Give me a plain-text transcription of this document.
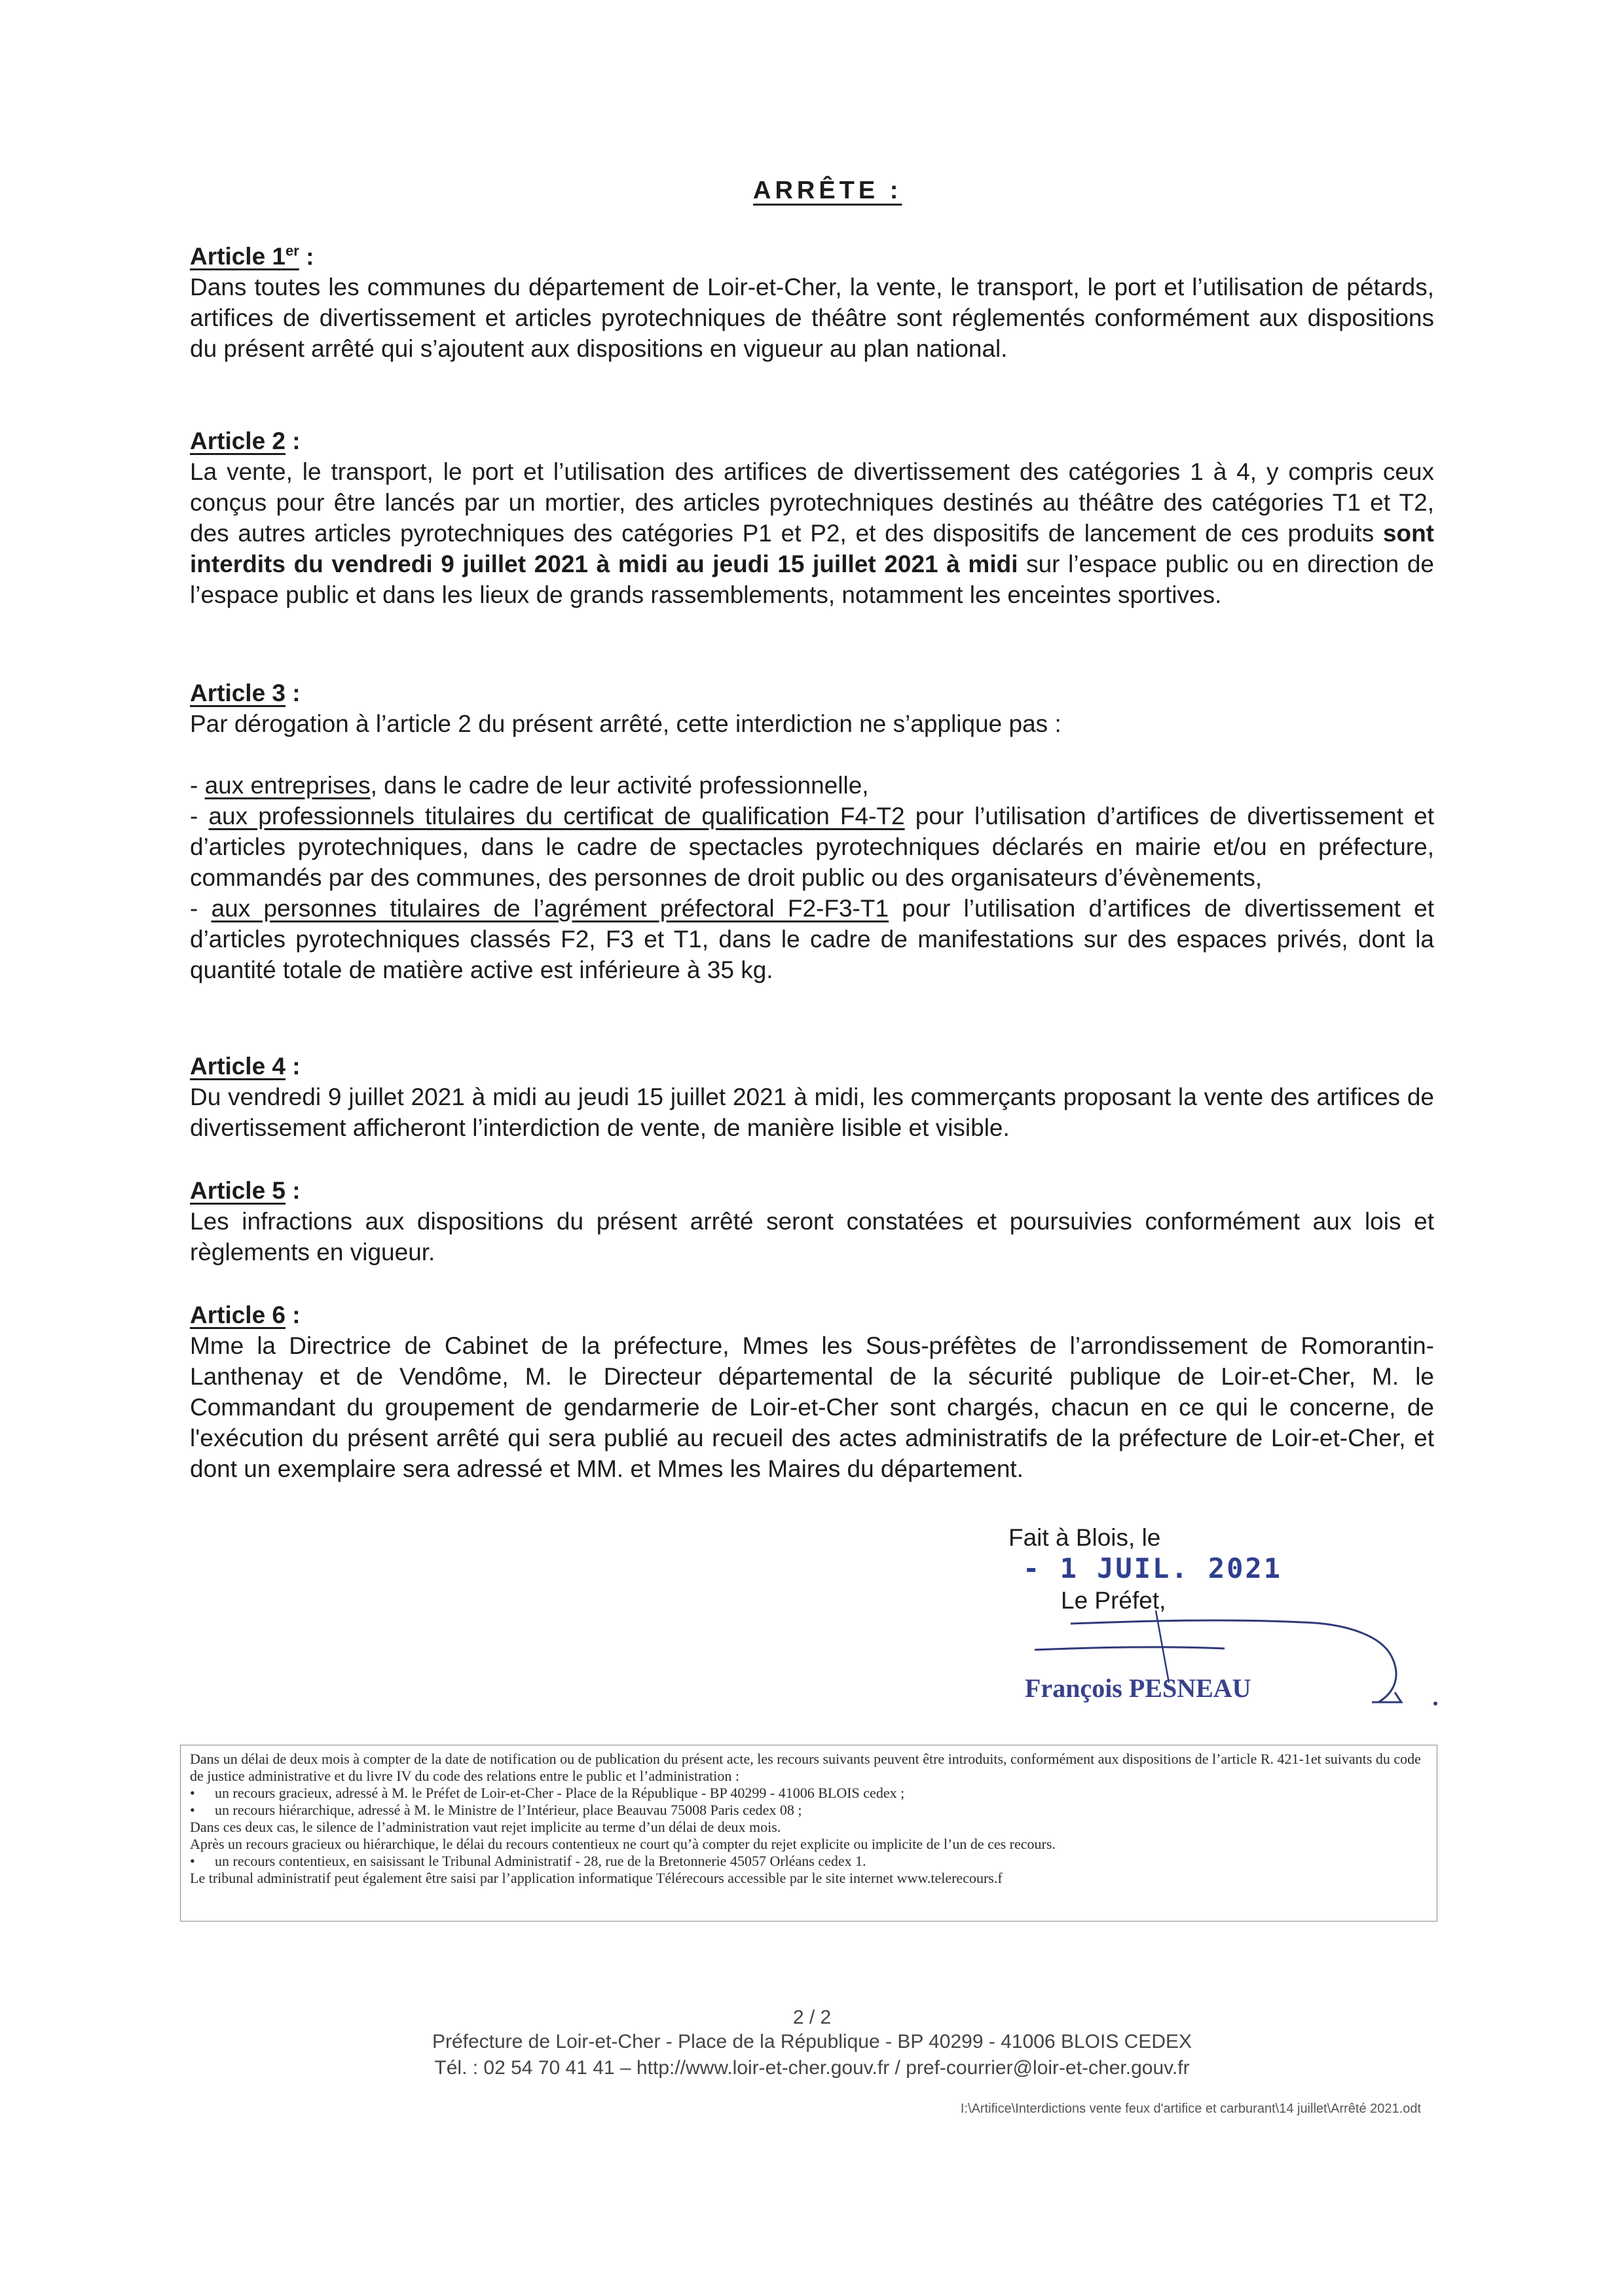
ARRÊTE :

Article 1er :

Dans toutes les communes du département de Loir-et-Cher, la vente, le transport, le port et l’utilisation de pétards, artifices de divertissement et articles pyrotechniques de théâtre sont réglementés conformément aux dispositions du présent arrêté qui s’ajoutent aux dispositions en vigueur au plan national.

Article 2 :

La vente, le transport, le port et l’utilisation des artifices de divertissement des catégories 1 à 4, y compris ceux conçus pour être lancés par un mortier, des articles pyrotechniques destinés au théâtre des catégories T1 et T2, des autres articles pyrotechniques des catégories P1 et P2, et des dispositifs de lancement de ces produits sont interdits du vendredi 9 juillet 2021 à midi au jeudi 15 juillet 2021 à midi sur l’espace public ou en direction de l’espace public et dans les lieux de grands rassemblements, notamment les enceintes sportives.

Article 3 :

Par dérogation à l’article 2 du présent arrêté, cette interdiction ne s’applique pas :

- aux entreprises, dans le cadre de leur activité professionnelle,

- aux professionnels titulaires du certificat de qualification F4-T2 pour l’utilisation d’artifices de divertissement et d’articles pyrotechniques, dans le cadre de spectacles pyrotechniques déclarés en mairie et/ou en préfecture, commandés par des communes, des personnes de droit public ou des organisateurs d’évènements,

- aux personnes titulaires de l’agrément préfectoral F2-F3-T1 pour l’utilisation d’artifices de divertissement et d’articles pyrotechniques classés F2, F3 et T1, dans le cadre de manifestations sur des espaces privés, dont la quantité totale de matière active est inférieure à 35 kg.

Article 4 :

Du vendredi 9 juillet 2021 à midi au jeudi 15 juillet 2021 à midi, les commerçants proposant la vente des artifices de divertissement afficheront l’interdiction de vente, de manière lisible et visible.

Article 5 :

Les infractions aux dispositions du présent arrêté seront constatées et poursuivies conformément aux lois et règlements en vigueur.

Article 6 :

Mme la Directrice de Cabinet de la préfecture, Mmes les Sous-préfètes de l’arrondissement de Romorantin-Lanthenay et de Vendôme, M. le Directeur départemental de la sécurité publique de Loir-et-Cher, M. le Commandant du groupement de gendarmerie de Loir-et-Cher sont chargés, chacun en ce qui le concerne, de l'exécution du présent arrêté qui sera publié au recueil des actes administratifs de la préfecture de Loir-et-Cher, et dont un exemplaire sera adressé et MM. et Mmes les Maires du département.

Fait à Blois, le- 1 JUIL. 2021
Le Préfet,
François PESNEAU
Dans un délai de deux mois à compter de la date de notification ou de publication du présent acte, les recours suivants peuvent être introduits, conformément aux dispositions de l’article R. 421-1et suivants du code de justice administrative et du livre IV du code des relations entre le public et l’administration :
• un recours gracieux, adressé à M. le Préfet de Loir-et-Cher - Place de la République - BP 40299 - 41006 BLOIS cedex ;
• un recours hiérarchique, adressé à M. le Ministre de l’Intérieur, place Beauvau 75008 Paris cedex 08 ;
Dans ces deux cas, le silence de l’administration vaut rejet implicite au terme d’un délai de deux mois.
Après un recours gracieux ou hiérarchique, le délai du recours contentieux ne court qu’à compter du rejet explicite ou implicite de l’un de ces recours.
• un recours contentieux, en saisissant le Tribunal Administratif - 28, rue de la Bretonnerie 45057 Orléans cedex 1.
Le tribunal administratif peut également être saisi par l’application informatique Télérecours accessible par le site internet www.telerecours.f
2 / 2
Préfecture de Loir-et-Cher - Place de la République - BP 40299 - 41006 BLOIS CEDEX
Tél. : 02 54 70 41 41 – http://www.loir-et-cher.gouv.fr / pref-courrier@loir-et-cher.gouv.fr
I:\Artifice\Interdictions vente feux d'artifice et carburant\14 juillet\Arrêté 2021.odt
